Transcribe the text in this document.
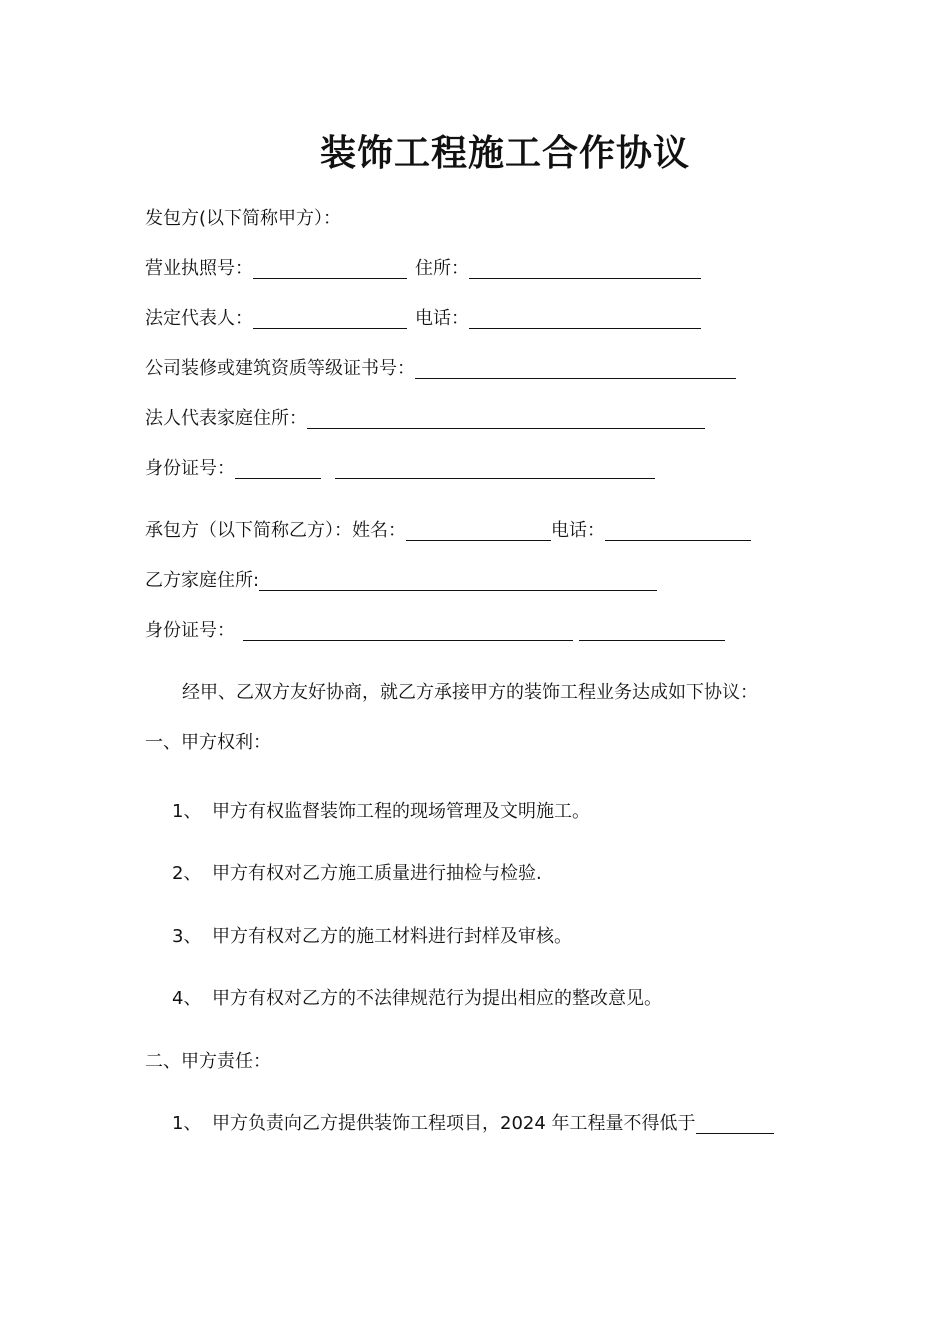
装饰工程施工合作协议
发包方(以下简称甲方）：
营业执照号：	住所：
法定代表人：	电话：
公司装修或建筑资质等级证书号：
法人代表家庭住所：
身份证号：
承包方（以下简称乙方）：姓名：	电话：
乙方家庭住所:
身份证号：
经甲、乙双方友好协商，就乙方承接甲方的装饰工程业务达成如下协议：
一、甲方权利：
1、 甲方有权监督装饰工程的现场管理及文明施工。
2、 甲方有权对乙方施工质量进行抽检与检验.
3、 甲方有权对乙方的施工材料进行封样及审核。
4、 甲方有权对乙方的不法律规范行为提出相应的整改意见。
二、甲方责任：
1、 甲方负责向乙方提供装饰工程项目，2024 年工程量不得低于
